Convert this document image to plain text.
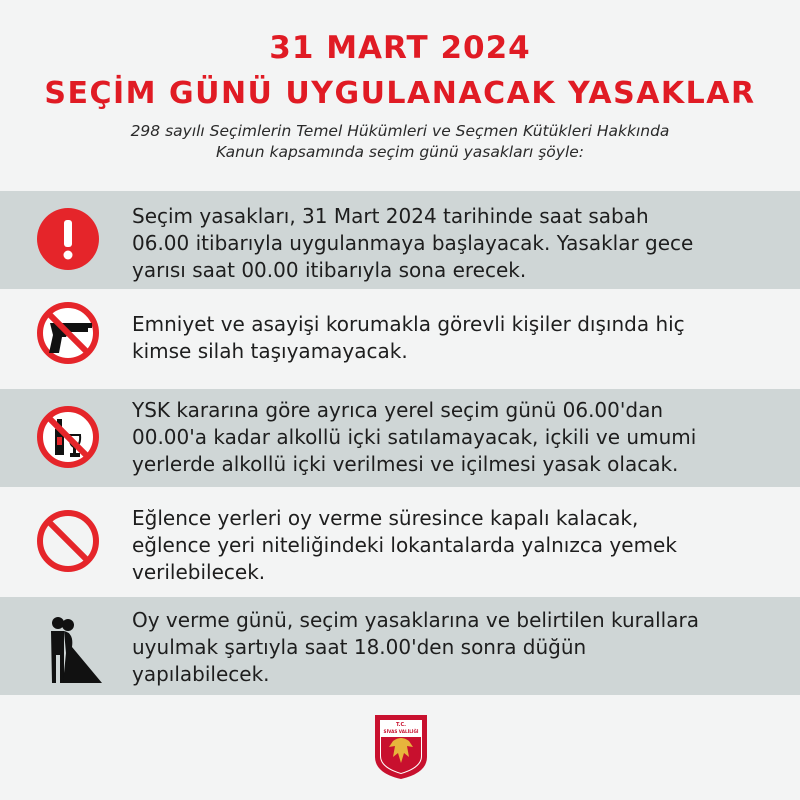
31 MART 2024
SEÇİM GÜNÜ UYGULANACAK YASAKLAR
298 sayılı Seçimlerin Temel Hükümleri ve Seçmen Kütükleri Hakkında
Kanun kapsamında seçim günü yasakları şöyle:
Seçim yasakları, 31 Mart 2024 tarihinde saat sabah
06.00 itibarıyla uygulanmaya başlayacak. Yasaklar gece
yarısı saat 00.00 itibarıyla sona erecek.
Emniyet ve asayişi korumakla görevli kişiler dışında hiç
kimse silah taşıyamayacak.
YSK kararına göre ayrıca yerel seçim günü 06.00'dan
00.00'a kadar alkollü içki satılamayacak, içkili ve umumi
yerlerde alkollü içki verilmesi ve içilmesi yasak olacak.
Eğlence yerleri oy verme süresince kapalı kalacak,
eğlence yeri niteliğindeki lokantalarda yalnızca yemek
verilebilecek.
Oy verme günü, seçim yasaklarına ve belirtilen kurallara
uyulmak şartıyla saat 18.00'den sonra düğün
yapılabilecek.
T.C.
SİVAS VALİLİĞİ
